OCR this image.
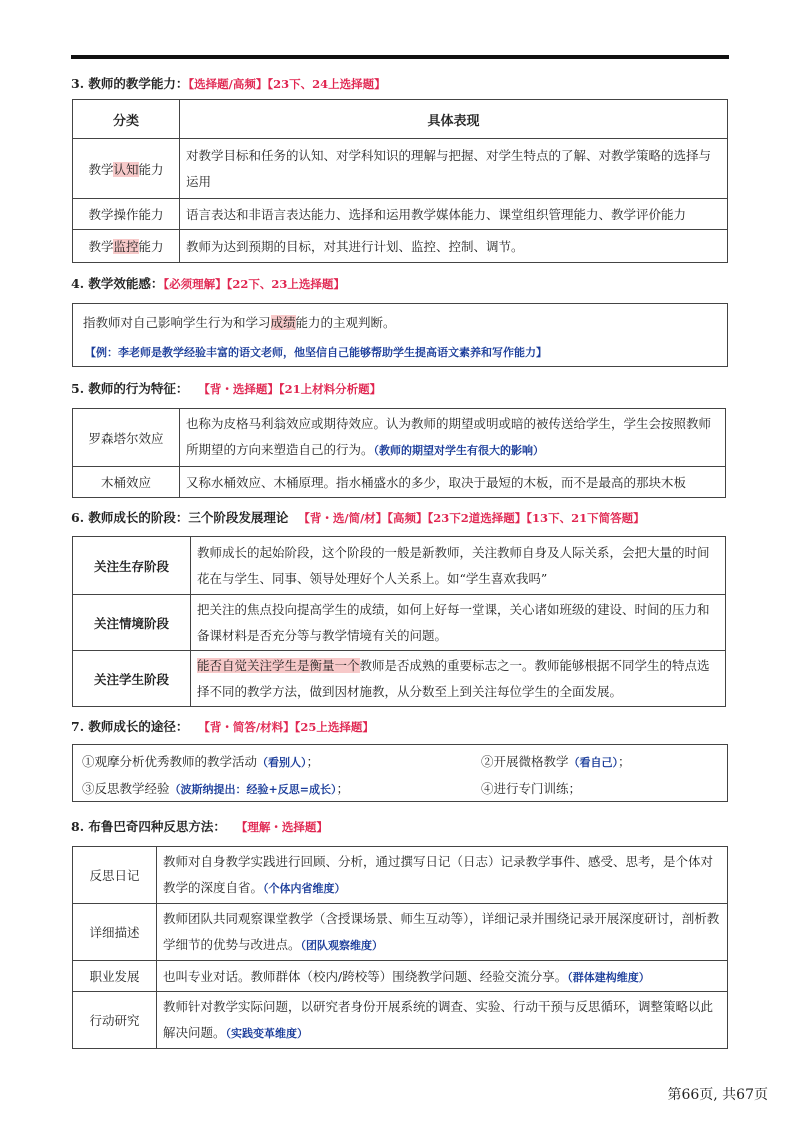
3. 教师的教学能力：【选择题/高频】【23下、24上选择题】
分类	具体表现
教学认知能力	对教学目标和任务的认知、对学科知识的理解与把握、对学生特点的了解、对教学策略的选择与运用
教学操作能力	语言表达和非语言表达能力、选择和运用教学媒体能力、课堂组织管理能力、教学评价能力
教学监控能力	教师为达到预期的目标，对其进行计划、监控、控制、调节。
4. 教学效能感：【必须理解】【22下、23上选择题】
指教师对自己影响学生行为和学习成绩能力的主观判断。
【例：李老师是教学经验丰富的语文老师，他坚信自己能够帮助学生提高语文素养和写作能力】
5. 教师的行为特征： 【背・选择题】【21上材料分析题】
罗森塔尔效应	也称为皮格马利翁效应或期待效应。认为教师的期望或明或暗的被传送给学生，学生会按照教师所期望的方向来塑造自己的行为。（教师的期望对学生有很大的影响）
木桶效应	又称水桶效应、木桶原理。指水桶盛水的多少，取决于最短的木板，而不是最高的那块木板
6. 教师成长的阶段：三个阶段发展理论 【背・选/简/材】【高频】【23下2道选择题】【13下、21下简答题】
关注生存阶段	教师成长的起始阶段，这个阶段的一般是新教师，关注教师自身及人际关系，会把大量的时间花在与学生、同事、领导处理好个人关系上。如“学生喜欢我吗”
关注情境阶段	把关注的焦点投向提高学生的成绩，如何上好每一堂课，关心诸如班级的建设、时间的压力和备课材料是否充分等与教学情境有关的问题。
关注学生阶段	能否自觉关注学生是衡量一个教师是否成熟的重要标志之一。教师能够根据不同学生的特点选择不同的教学方法，做到因材施教，从分数至上到关注每位学生的全面发展。
7. 教师成长的途径： 【背・简答/材料】【25上选择题】
①观摩分析优秀教师的教学活动（看别人）；	②开展微格教学（看自己）；
③反思教学经验（波斯纳提出：经验+反思=成长）；	④进行专门训练；
8. 布鲁巴奇四种反思方法： 【理解・选择题】
反思日记	教师对自身教学实践进行回顾、分析，通过撰写日记（日志）记录教学事件、感受、思考，是个体对教学的深度自省。（个体内省维度）
详细描述	教师团队共同观察课堂教学（含授课场景、师生互动等），详细记录并围绕记录开展深度研讨，剖析教学细节的优势与改进点。（团队观察维度）
职业发展	也叫专业对话。教师群体（校内/跨校等）围绕教学问题、经验交流分享。（群体建构维度）
行动研究	教师针对教学实际问题，以研究者身份开展系统的调查、实验、行动干预与反思循环，调整策略以此解决问题。（实践变革维度）
第66页, 共67页
